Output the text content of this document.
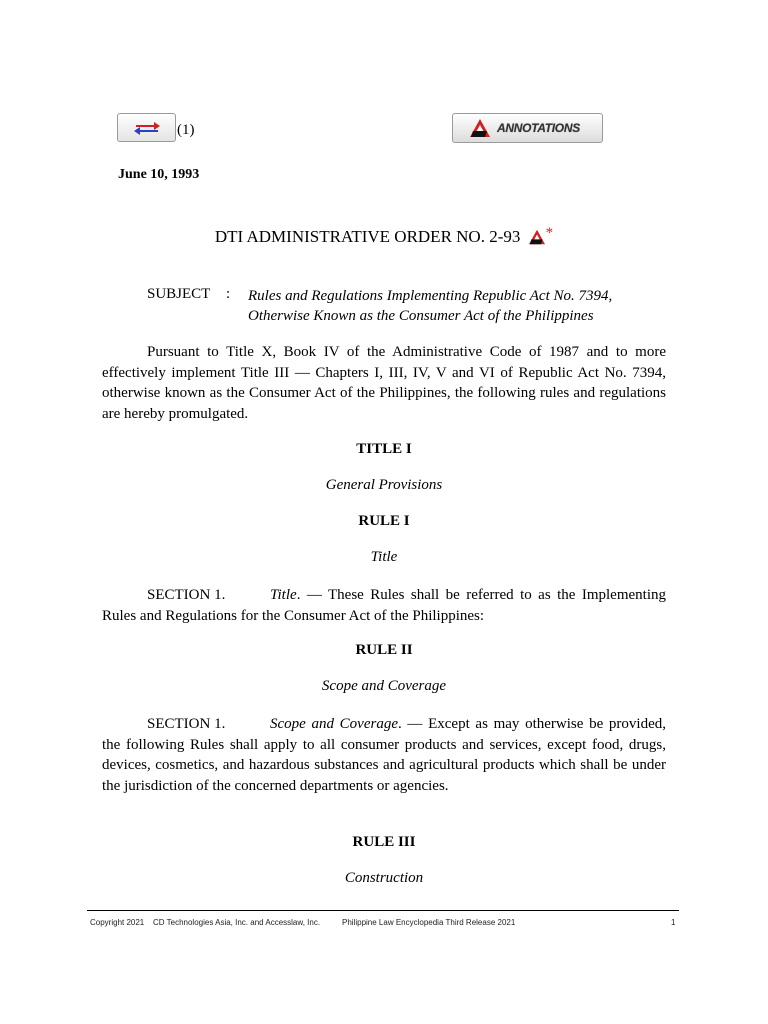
(1)	ANNOTATIONS
June 10, 1993
DTI ADMINISTRATIVE ORDER NO. 2-93 *
SUBJECT : Rules and Regulations Implementing Republic Act No. 7394,
Otherwise Known as the Consumer Act of the Philippines
Pursuant to Title X, Book IV of the Administrative Code of 1987 and to more effectively implement Title III — Chapters I, III, IV, V and VI of Republic Act No. 7394, otherwise known as the Consumer Act of the Philippines, the following rules and regulations are hereby promulgated.
TITLE I
General Provisions
RULE I
Title
SECTION 1.	Title. — These Rules shall be referred to as the Implementing Rules and Regulations for the Consumer Act of the Philippines:
RULE II
Scope and Coverage
SECTION 1.	Scope and Coverage. — Except as may otherwise be provided, the following Rules shall apply to all consumer products and services, except food, drugs, devices, cosmetics, and hazardous substances and agricultural products which shall be under the jurisdiction of the concerned departments or agencies.
RULE III
Construction
Copyright 2021 CD Technologies Asia, Inc. and Accesslaw, Inc.	Philippine Law Encyclopedia Third Release 2021	1
